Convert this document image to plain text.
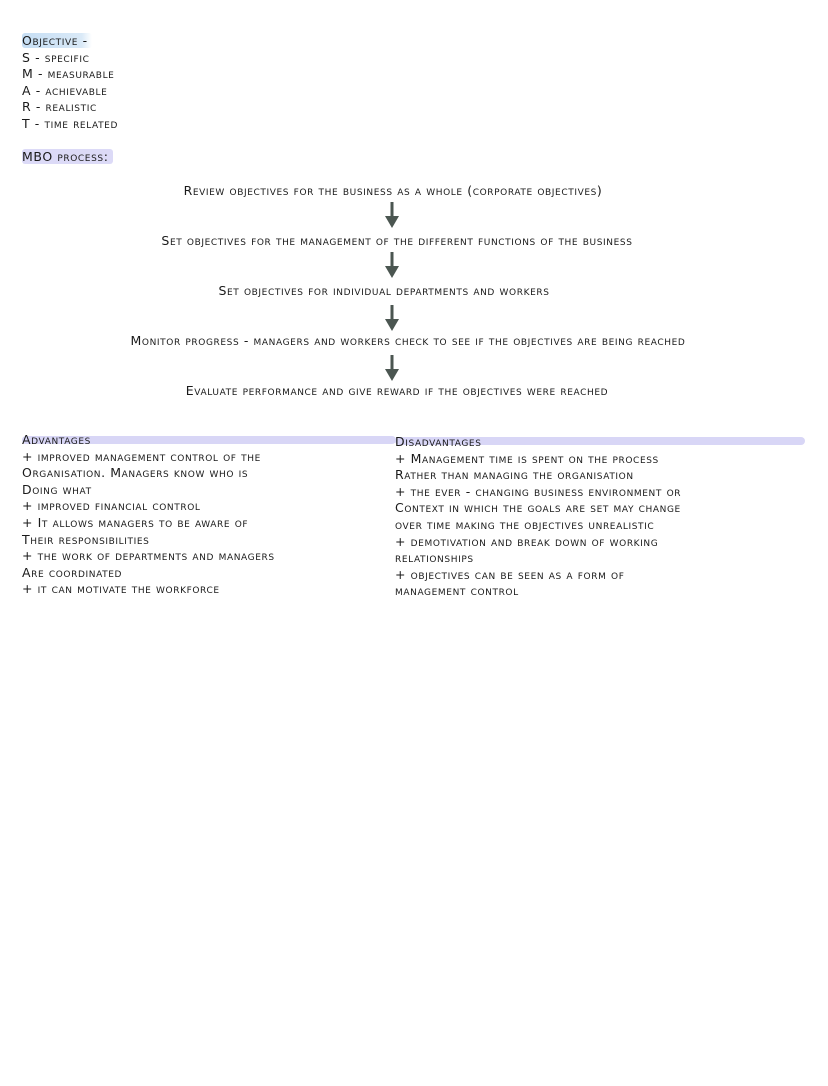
Objective -
S - specific
M - measurable
A - achievable
R - realistic
T - time related
MBO process:
Review objectives for the business as a whole (corporate objectives)
Set objectives for the management of the different functions of the business
Set objectives for individual departments and workers
Monitor progress - managers and workers check to see if the objectives are being reached
Evaluate performance and give reward if the objectives were reached
Advantages
+ improved management control of the
Organisation. Managers know who is
Doing what
+ improved financial control
+ It allows managers to be aware of
Their responsibilities
+ the work of departments and managers
Are coordinated
+ it can motivate the workforce
Disadvantages
+ Management time is spent on the process
Rather than managing the organisation
+ the ever - changing business environment or
Context in which the goals are set may change
over time making the objectives unrealistic
+ demotivation and break down of working
relationships
+ objectives can be seen as a form of
management control
